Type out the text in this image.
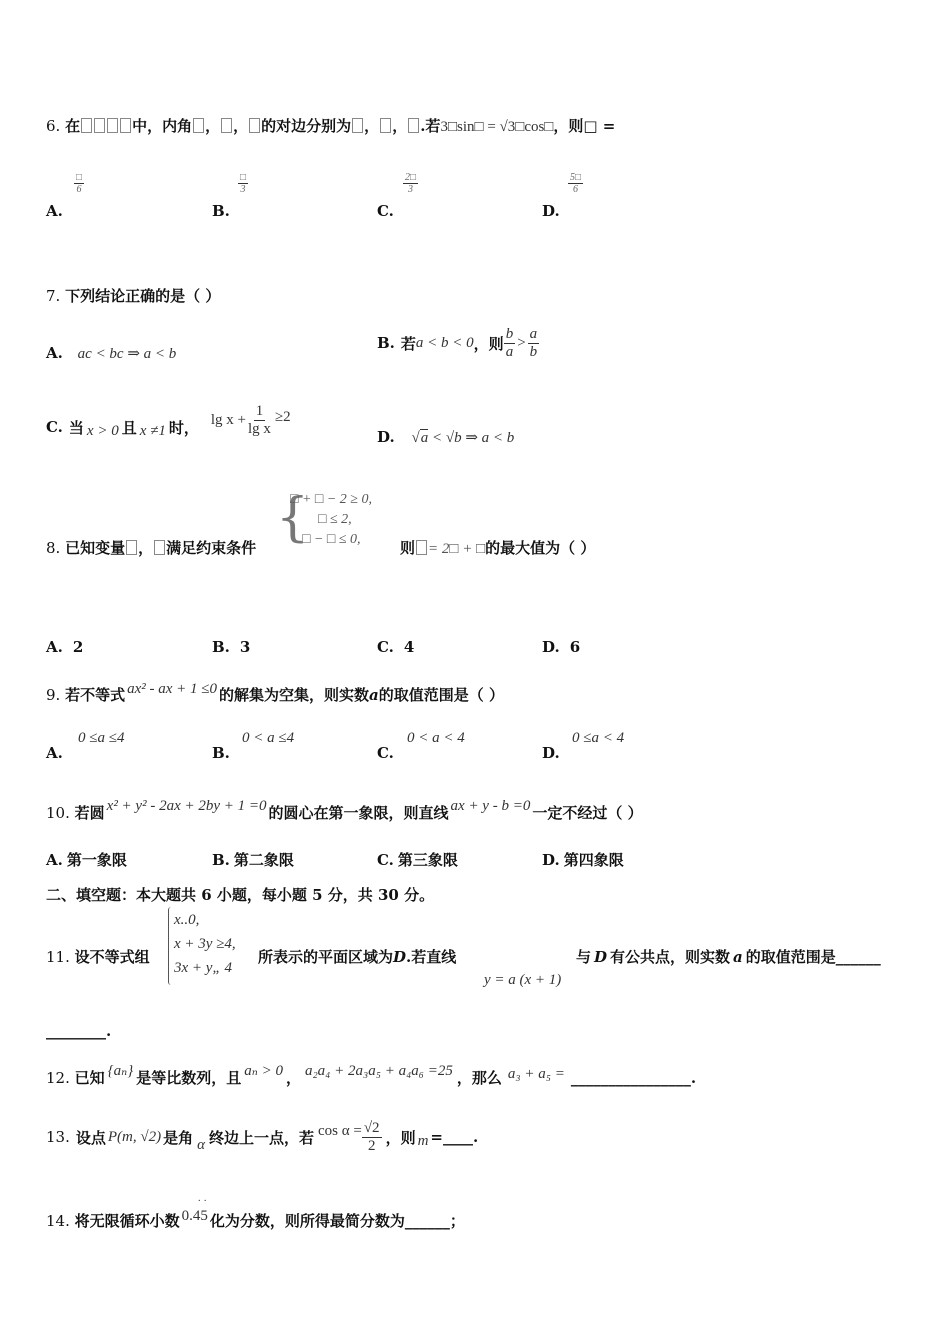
6. 在	中，内角 ， ， 的对边分别为 ， ， .若3□sin□ = √3□cos□，则□ =
$\frac{□}{6}$
A.
$\frac{□}{3}$
B.
$\frac{2□}{3}$
C.
$\frac{5□}{6}$
D.
7. 下列结论正确的是（ ）
A. ac < bc ⇒ a < b
B. 若 a < b < 0 ，则 $\frac{b}{a} > \frac{a}{b}$
C. 当 x > 0 且 x ≠1 时， $\lg x + \frac{1}{\text{lg x}} \ge 2$
D. √a < √b ⇒ a < b
8. 已知变量 ， 满足约束条件 {
□ + □ − 2 ≥ 0,
□ ≤ 2,
□ − □ ≤ 0,	则 = 2□ + □的最大值为（ ）
A. 2	B. 3	C. 4	D. 6
9. 若不等式 ax² - ax + 1 ≤0 的解集为空集，则实数a的取值范围是（ ）
A.
0 ≤a ≤4
B.
0 < a ≤4
C.
0 < a < 4
D.
0 ≤a < 4
10. 若圆 x² + y² - 2ax + 2by + 1 =0 的圆心在第一象限，则直线 ax + y - b =0 一定不经过（ ）
A. 第一象限	B. 第二象限	C. 第三象限	D. 第四象限
二、填空题：本大题共 6 小题，每小题 5 分，共 30 分。
11. 设不等式组
x..0,
x + 3y ≥4,
3x + y„ 4
所表示的平面区域为D.若直线
y = a (x + 1)
与 D 有公共点，则实数 a 的取值范围是______
________.
12. 已知 {aₙ} 是等比数列，且 aₙ > 0 ， a₂a₄ + 2a₃a₅ + a₄a₆ =25 ，那么 a₃ + a₅ = ________________.
13. 设点 P(m, √2) 是角 α 终边上一点，若 $\cos \alpha = \frac{√2}{2}$ ，则 m =____.
14. 将无限循环小数
· ·
0.45 化为分数，则所得最简分数为______；
